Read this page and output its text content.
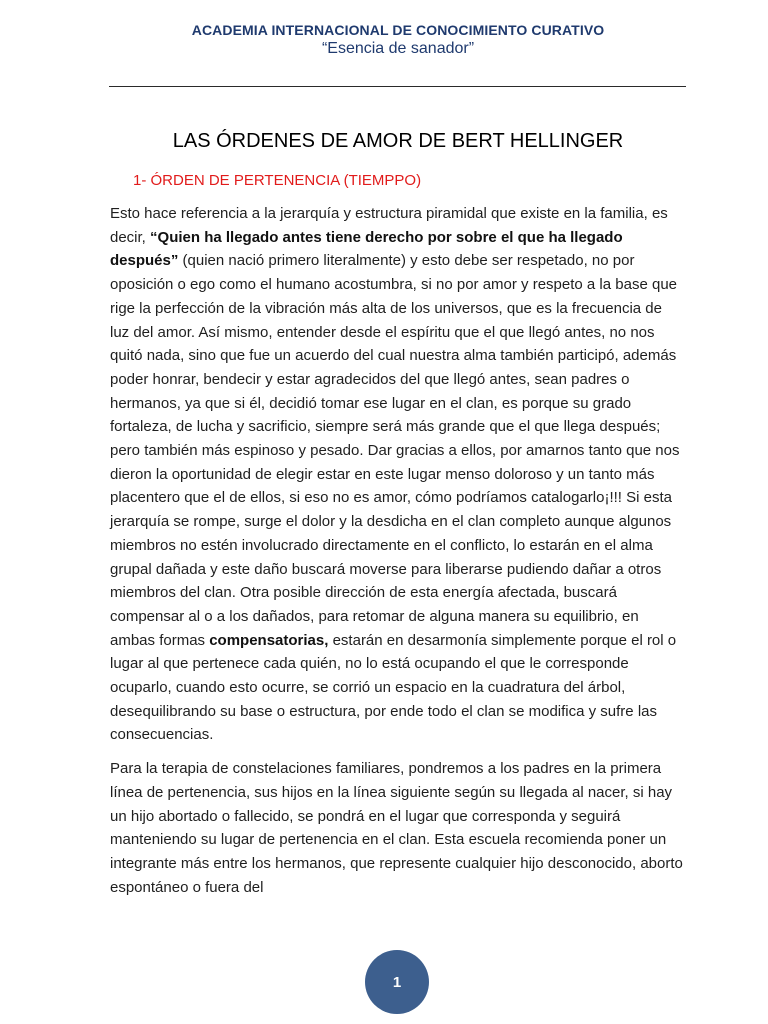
ACADEMIA INTERNACIONAL DE CONOCIMIENTO CURATIVO
“Esencia de sanador”
LAS ÓRDENES DE AMOR DE BERT HELLINGER
1- ÓRDEN DE PERTENENCIA (TIEMPPO)

Esto hace referencia a la jerarquía y estructura piramidal que existe en la familia, es decir, “Quien ha llegado antes tiene derecho por sobre el que ha llegado después” (quien nació primero literalmente) y esto debe ser respetado, no por oposición o ego como el humano acostumbra, si no por amor y respeto a la base que rige la perfección de la vibración más alta de los universos, que es la frecuencia de luz del amor. Así mismo, entender desde el espíritu que el que llegó antes, no nos quitó nada, sino que fue un acuerdo del cual nuestra alma también participó, además poder honrar, bendecir y estar agradecidos del que llegó antes, sean padres o hermanos, ya que si él, decidió tomar ese lugar en el clan, es porque su grado fortaleza, de lucha y sacrificio, siempre será más grande que el que llega después; pero también más espinoso y pesado. Dar gracias a ellos, por amarnos tanto que nos dieron la oportunidad de elegir estar en este lugar menso doloroso y un tanto más placentero que el de ellos, si eso no es amor, cómo podríamos catalogarlo¡!!! Si esta jerarquía se rompe, surge el dolor y la desdicha en el clan completo aunque algunos miembros no estén involucrado directamente en el conflicto, lo estarán en el alma grupal dañada y este daño buscará moverse para liberarse pudiendo dañar a otros miembros del clan. Otra posible dirección de esta energía afectada, buscará compensar al o a los dañados, para retomar de alguna manera su equilibrio, en ambas formas compensatorias, estarán en desarmonía simplemente porque el rol o lugar al que pertenece cada quién, no lo está ocupando el que le corresponde ocuparlo, cuando esto ocurre, se corrió un espacio en la cuadratura del árbol, desequilibrando su base o estructura, por ende todo el clan se modifica y sufre las consecuencias.

Para la terapia de constelaciones familiares, pondremos a los padres en la primera línea de pertenencia, sus hijos en la línea siguiente según su llegada al nacer, si hay un hijo abortado o fallecido, se pondrá en el lugar que corresponda y seguirá manteniendo su lugar de pertenencia en el clan. Esta escuela recomienda poner un integrante más entre los hermanos, que represente cualquier hijo desconocido, aborto espontáneo o fuera del

1
